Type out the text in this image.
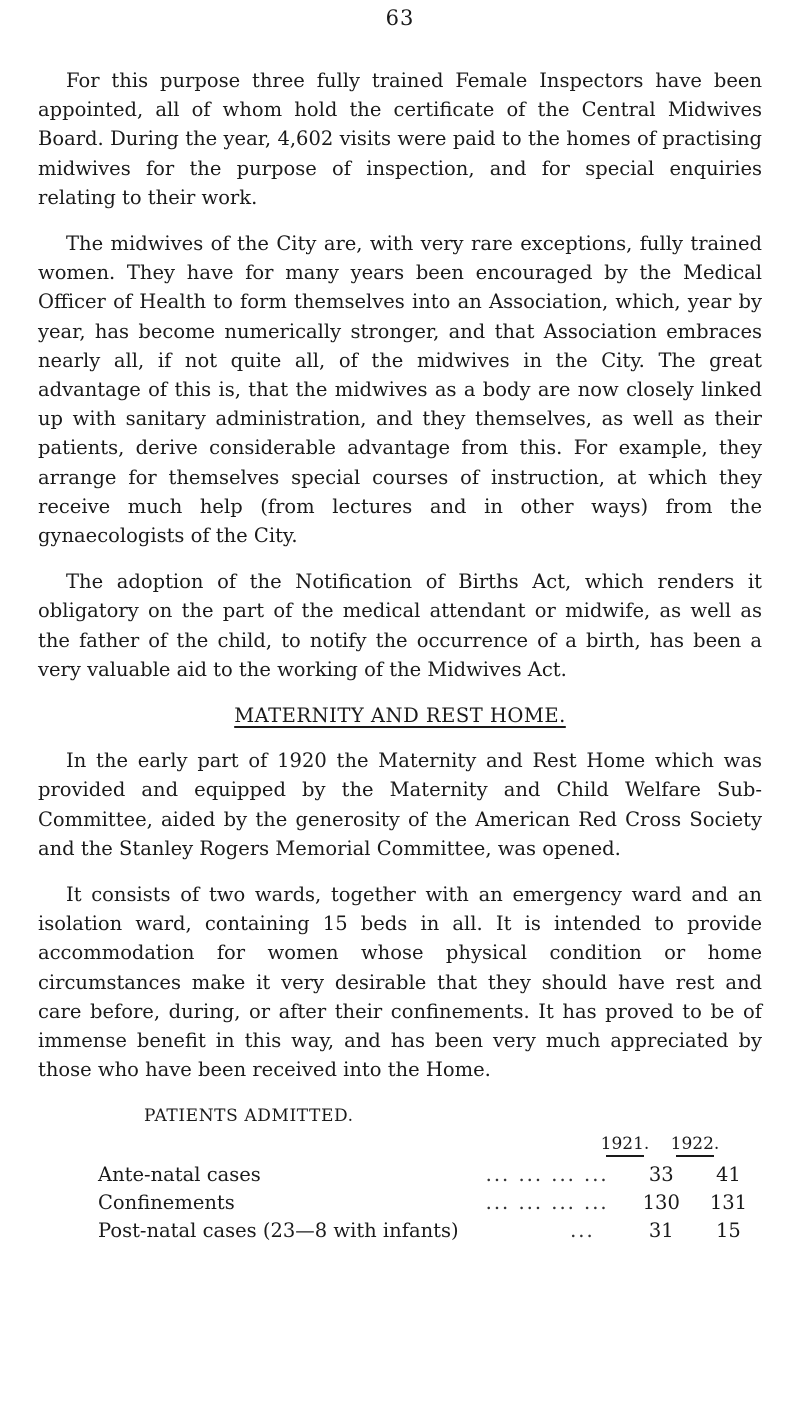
63

For this purpose three fully trained Female Inspectors have been appointed, all of whom hold the certificate of the Central Midwives Board. During the year, 4,602 visits were paid to the homes of practising midwives for the purpose of inspection, and for special enquiries relating to their work.

The midwives of the City are, with very rare exceptions, fully trained women. They have for many years been encouraged by the Medical Officer of Health to form themselves into an Association, which, year by year, has become numerically stronger, and that Association embraces nearly all, if not quite all, of the midwives in the City. The great advantage of this is, that the midwives as a body are now closely linked up with sanitary administration, and they themselves, as well as their patients, derive considerable advantage from this. For example, they arrange for themselves special courses of instruction, at which they receive much help (from lectures and in other ways) from the gynaecologists of the City.

The adoption of the Notification of Births Act, which renders it obligatory on the part of the medical attendant or midwife, as well as the father of the child, to notify the occurrence of a birth, has been a very valuable aid to the working of the Midwives Act.

MATERNITY AND REST HOME.

In the early part of 1920 the Maternity and Rest Home which was provided and equipped by the Maternity and Child Welfare Sub-Committee, aided by the generosity of the American Red Cross Society and the Stanley Rogers Memorial Committee, was opened.

It consists of two wards, together with an emergency ward and an isolation ward, containing 15 beds in all. It is intended to provide accommodation for women whose physical condition or home circumstances make it very desirable that they should have rest and care before, during, or after their confinements. It has proved to be of immense benefit in this way, and has been very much appreciated by those who have been received into the Home.

PATIENTS ADMITTED.
1921.	1922.
Ante-natal cases	... ... ... ...	33	41
Confinements	... ... ... ...	130	131
Post-natal cases (23—8 with infants)	...	31	15
